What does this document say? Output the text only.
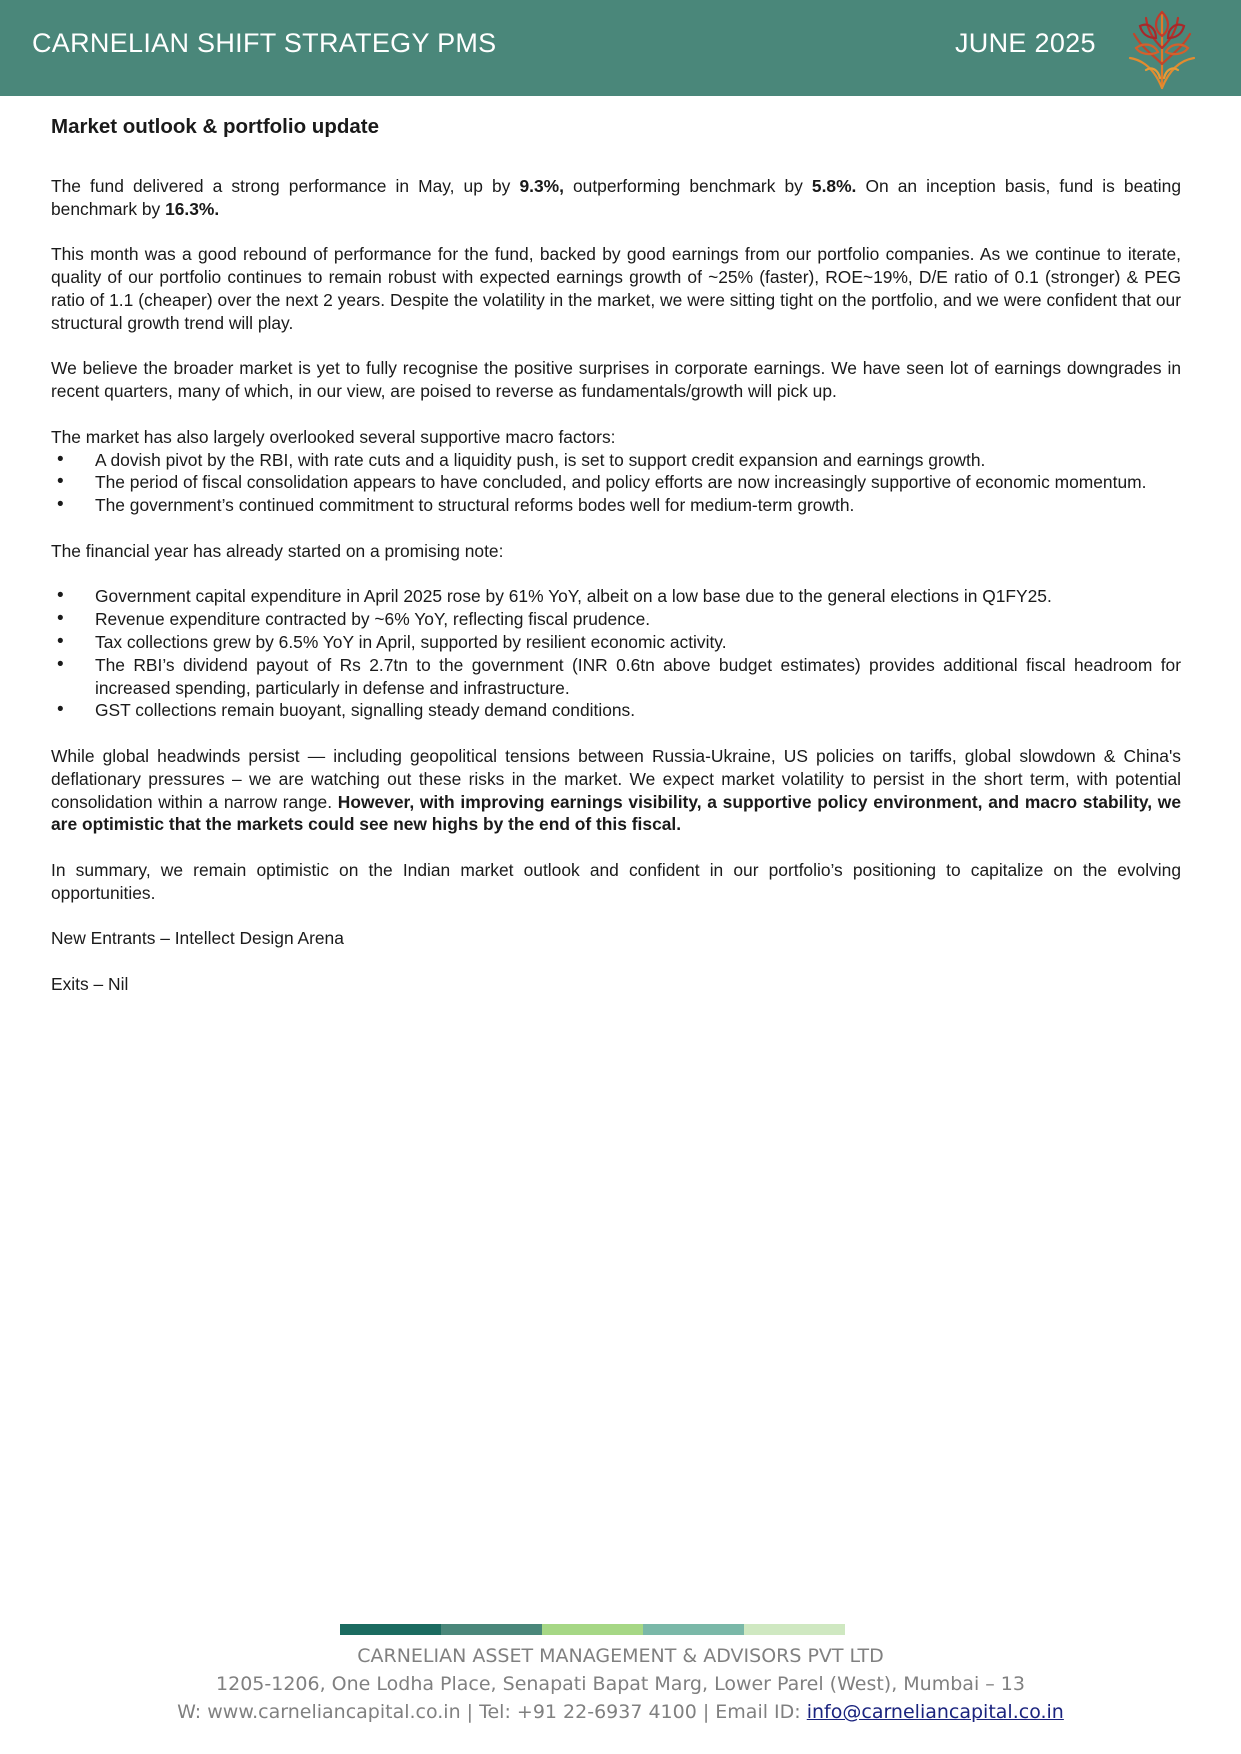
CARNELIAN SHIFT STRATEGY PMS	JUNE 2025
Market outlook & portfolio update

The fund delivered a strong performance in May, up by 9.3%, outperforming benchmark by 5.8%. On an inception basis, fund is beating benchmark by 16.3%.

This month was a good rebound of performance for the fund, backed by good earnings from our portfolio companies. As we continue to iterate, quality of our portfolio continues to remain robust with expected earnings growth of ~25% (faster), ROE~19%, D/E ratio of 0.1 (stronger) & PEG ratio of 1.1 (cheaper) over the next 2 years. Despite the volatility in the market, we were sitting tight on the portfolio, and we were confident that our structural growth trend will play.

We believe the broader market is yet to fully recognise the positive surprises in corporate earnings. We have seen lot of earnings downgrades in recent quarters, many of which, in our view, are poised to reverse as fundamentals/growth will pick up.

The market has also largely overlooked several supportive macro factors:

• A dovish pivot by the RBI, with rate cuts and a liquidity push, is set to support credit expansion and earnings growth.
• The period of fiscal consolidation appears to have concluded, and policy efforts are now increasingly supportive of economic momentum.
• The government’s continued commitment to structural reforms bodes well for medium-term growth.

The financial year has already started on a promising note:

• Government capital expenditure in April 2025 rose by 61% YoY, albeit on a low base due to the general elections in Q1FY25.
• Revenue expenditure contracted by ~6% YoY, reflecting fiscal prudence.
• Tax collections grew by 6.5% YoY in April, supported by resilient economic activity.
• The RBI’s dividend payout of Rs 2.7tn to the government (INR 0.6tn above budget estimates) provides additional fiscal headroom for increased spending, particularly in defense and infrastructure.
• GST collections remain buoyant, signalling steady demand conditions.

While global headwinds persist — including geopolitical tensions between Russia-Ukraine, US policies on tariffs, global slowdown & China's deflationary pressures – we are watching out these risks in the market. We expect market volatility to persist in the short term, with potential consolidation within a narrow range. However, with improving earnings visibility, a supportive policy environment, and macro stability, we are optimistic that the markets could see new highs by the end of this fiscal.

In summary, we remain optimistic on the Indian market outlook and confident in our portfolio’s positioning to capitalize on the evolving opportunities.

New Entrants – Intellect Design Arena

Exits – Nil

CARNELIAN ASSET MANAGEMENT & ADVISORS PVT LTD
1205-1206, One Lodha Place, Senapati Bapat Marg, Lower Parel (West), Mumbai – 13
W: www.carneliancapital.co.in | Tel: +91 22-6937 4100 | Email ID: info@carneliancapital.co.in
